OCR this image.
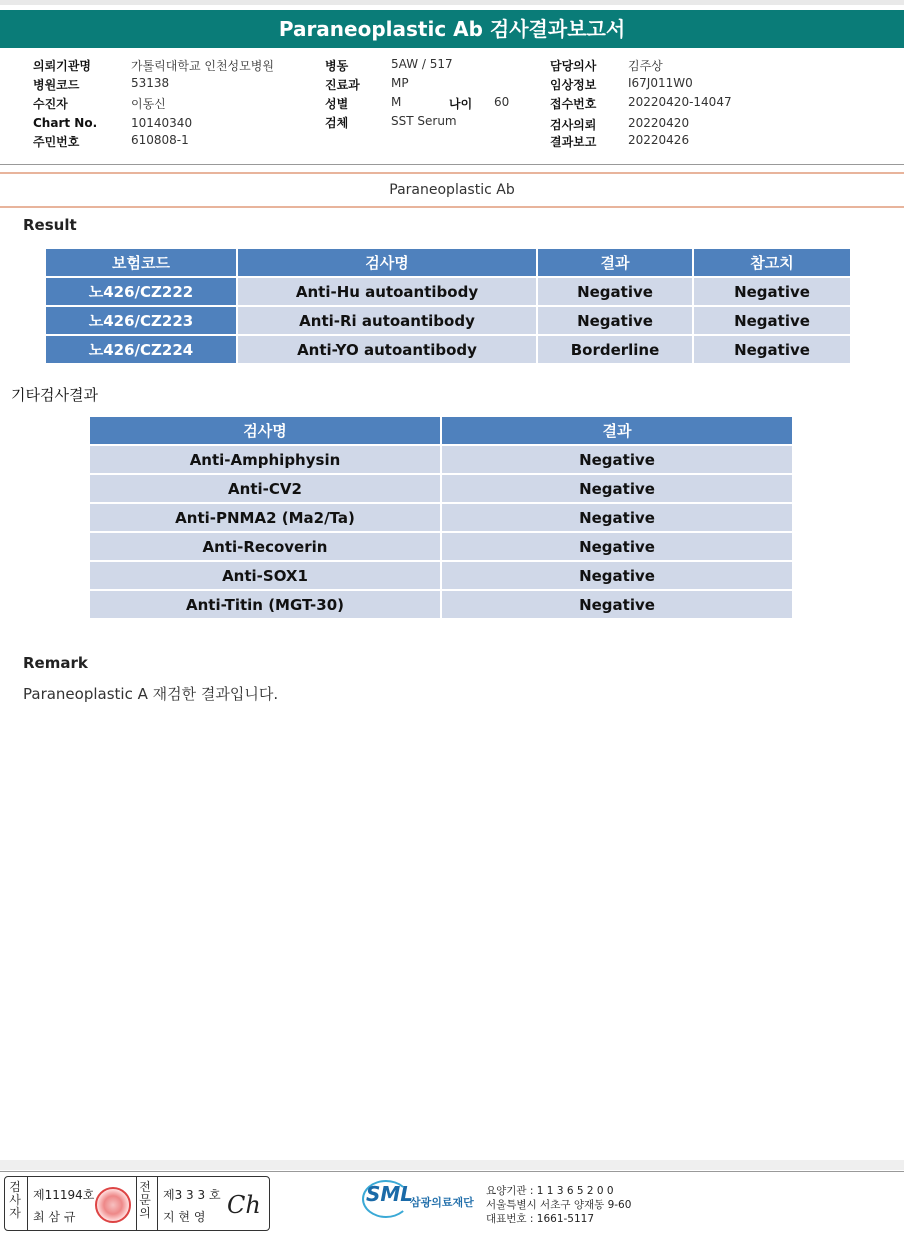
Paraneoplastic Ab 검사결과보고서
의뢰기관명	가톨릭대학교 인천성모병원
병원코드	53138
수진자	이동신
Chart No.	10140340
주민번호	610808-1
병동	5AW / 517
진료과	MP
성별	M	나이 60
검체	SST Serum
담당의사	김주상
임상정보	I67J011W0
접수번호	20220420-14047
검사의뢰	20220420
결과보고	20220426
Paraneoplastic Ab
Result
보험코드	검사명	결과	참고치
노426/CZ222	Anti-Hu autoantibody	Negative	Negative
노426/CZ223	Anti-Ri autoantibody	Negative	Negative
노426/CZ224	Anti-YO autoantibody	Borderline	Negative
기타검사결과
검사명	결과
Anti-Amphiphysin	Negative
Anti-CV2	Negative
Anti-PNMA2 (Ma2/Ta)	Negative
Anti-Recoverin	Negative
Anti-SOX1	Negative
Anti-Titin (MGT-30)	Negative
Remark
Paraneoplastic A 재검한 결과입니다.
검
사
자
제11194호
최 삼 규
전
문
의
제3 3 3 호
지 현 영 Ch	SML
삼광의료재단
요양기관 : 1 1 3 6 5 2 0 0
서울특별시 서초구 양재동 9-60
대표번호 : 1661-5117
